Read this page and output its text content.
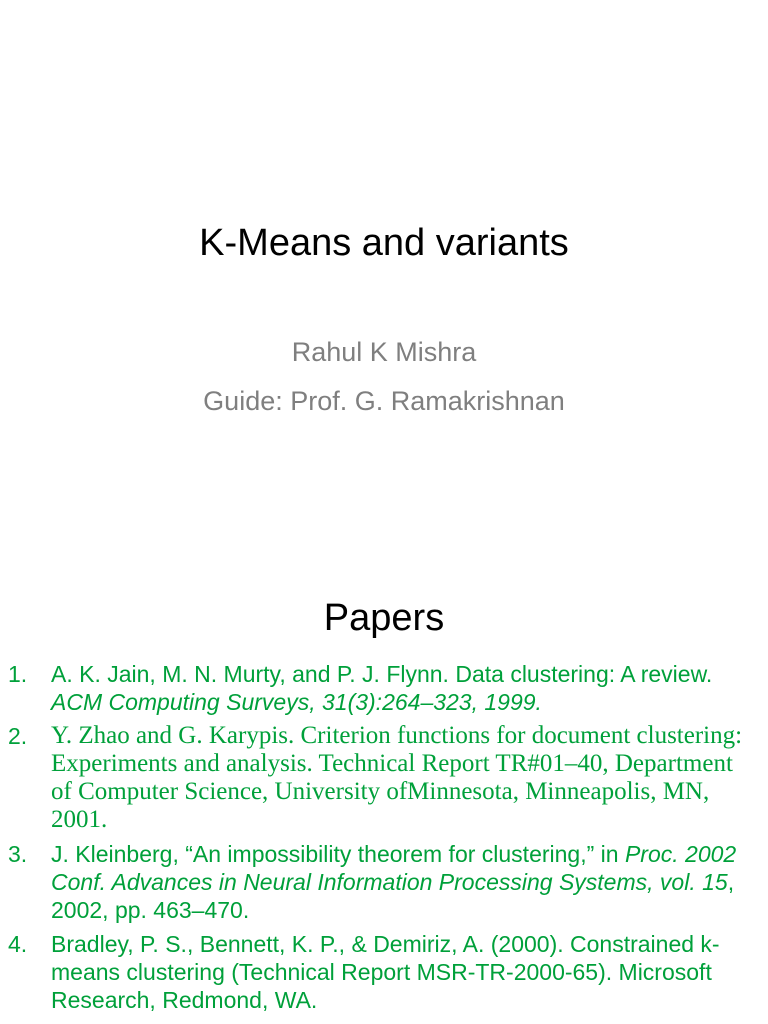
K-Means and variants
Rahul K Mishra
Guide: Prof. G. Ramakrishnan
Papers
1. A. K. Jain, M. N. Murty, and P. J. Flynn. Data clustering: A review. ACM Computing Surveys, 31(3):264–323, 1999.
2. Y. Zhao and G. Karypis. Criterion functions for document clustering: Experiments and analysis. Technical Report TR#01–40, Department of Computer Science, University ofMinnesota, Minneapolis, MN, 2001.
3. J. Kleinberg, “An impossibility theorem for clustering,” in Proc. 2002 Conf. Advances in Neural Information Processing Systems, vol. 15, 2002, pp. 463–470.
4. Bradley, P. S., Bennett, K. P., & Demiriz, A. (2000). Constrained k-means clustering (Technical Report MSR-TR-2000-65). Microsoft Research, Redmond, WA.
